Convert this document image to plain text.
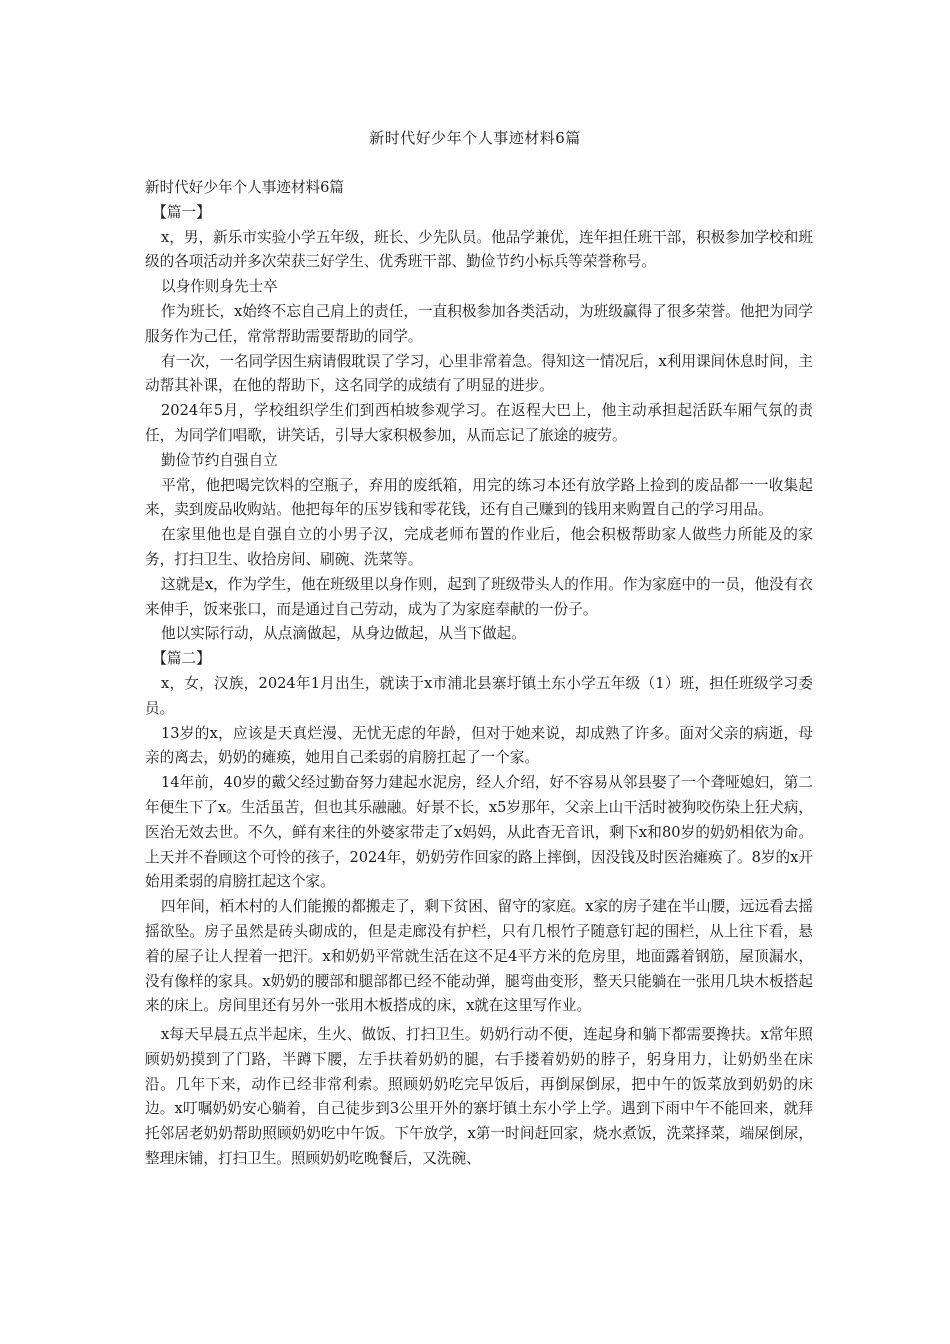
新时代好少年个人事迹材料6篇

新时代好少年个人事迹材料6篇

　【篇一】

x，男，新乐市实验小学五年级，班长、少先队员。他品学兼优，连年担任班干部，积极参加学校和班级的各项活动并多次荣获三好学生、优秀班干部、勤俭节约小标兵等荣誉称号。

以身作则身先士卒

作为班长，x始终不忘自己肩上的责任，一直积极参加各类活动，为班级赢得了很多荣誉。他把为同学服务作为己任，常常帮助需要帮助的同学。

有一次，一名同学因生病请假耽误了学习，心里非常着急。得知这一情况后，x利用课间休息时间，主动帮其补课，在他的帮助下，这名同学的成绩有了明显的进步。

2024年5月，学校组织学生们到西柏坡参观学习。在返程大巴上，他主动承担起活跃车厢气氛的责任，为同学们唱歌，讲笑话，引导大家积极参加，从而忘记了旅途的疲劳。

勤俭节约自强自立

平常，他把喝完饮料的空瓶子，弃用的废纸箱，用完的练习本还有放学路上捡到的废品都一一收集起来，卖到废品收购站。他把每年的压岁钱和零花钱，还有自己赚到的钱用来购置自己的学习用品。

在家里他也是自强自立的小男子汉，完成老师布置的作业后，他会积极帮助家人做些力所能及的家务，打扫卫生、收拾房间、刷碗、洗菜等。

这就是x，作为学生，他在班级里以身作则，起到了班级带头人的作用。作为家庭中的一员，他没有衣来伸手，饭来张口，而是通过自己劳动，成为了为家庭奉献的一份子。

他以实际行动，从点滴做起，从身边做起，从当下做起。

　【篇二】

x，女，汉族，2024年1月出生，就读于x市浦北县寨圩镇土东小学五年级（1）班，担任班级学习委员。

13岁的x，应该是天真烂漫、无忧无虑的年龄，但对于她来说，却成熟了许多。面对父亲的病逝，母亲的离去，奶奶的瘫痪，她用自己柔弱的肩膀扛起了一个家。

14年前，40岁的戴父经过勤奋努力建起水泥房，经人介绍，好不容易从邻县娶了一个聋哑媳妇，第二年便生下了x。生活虽苦，但也其乐融融。好景不长，x5岁那年，父亲上山干活时被狗咬伤染上狂犬病，医治无效去世。不久，鲜有来往的外婆家带走了x妈妈，从此杳无音讯，剩下x和80岁的奶奶相依为命。上天并不眷顾这个可怜的孩子，2024年，奶奶劳作回家的路上摔倒，因没钱及时医治瘫痪了。8岁的x开始用柔弱的肩膀扛起这个家。

四年间，栢木村的人们能搬的都搬走了，剩下贫困、留守的家庭。x家的房子建在半山腰，远远看去摇摇欲坠。房子虽然是砖头砌成的，但是走廊没有护栏，只有几根竹子随意钉起的围栏，从上往下看，悬着的屋子让人捏着一把汗。x和奶奶平常就生活在这不足4平方米的危房里，地面露着钢筋，屋顶漏水，没有像样的家具。x奶奶的腰部和腿部都已经不能动弹，腿弯曲变形，整天只能躺在一张用几块木板搭起来的床上。房间里还有另外一张用木板搭成的床，x就在这里写作业。

x每天早晨五点半起床，生火、做饭、打扫卫生。奶奶行动不便，连起身和躺下都需要搀扶。x常年照顾奶奶摸到了门路，半蹲下腰，左手扶着奶奶的腿，右手搂着奶奶的脖子，躬身用力，让奶奶坐在床沿。几年下来，动作已经非常利索。照顾奶奶吃完早饭后，再倒屎倒尿，把中午的饭菜放到奶奶的床边。x叮嘱奶奶安心躺着，自己徒步到3公里开外的寨圩镇土东小学上学。遇到下雨中午不能回来，就拜托邻居老奶奶帮助照顾奶奶吃中午饭。下午放学，x第一时间赶回家，烧水煮饭，洗菜择菜，端屎倒尿，整理床铺，打扫卫生。照顾奶奶吃晚餐后，又洗碗、
